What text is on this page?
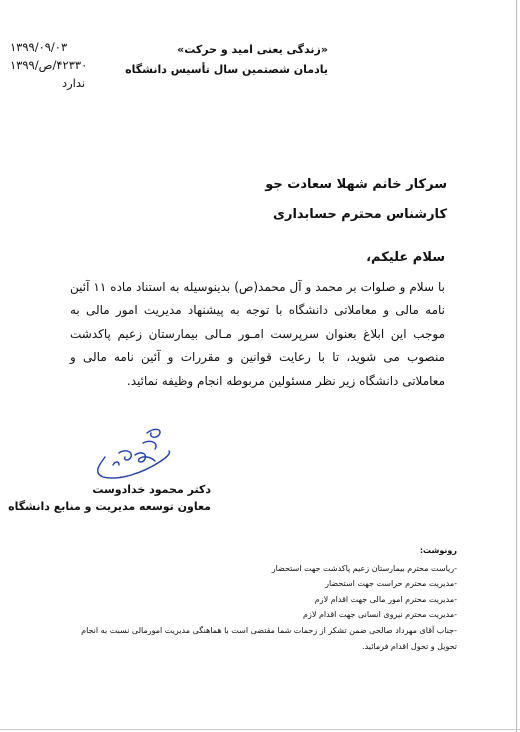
۱۳۹۹/۰۹/۰۳
۴۲۳۳۰/ص/۱۳۹۹
ندارد
«زندگی یعنی امید و حرکت»
یادمان شصتمین سال تأسیس دانشگاه
سرکار خانم شهلا سعادت جو
کارشناس محترم حسابداری
سلام علیکم،
با سلام و صلوات بر محمد و آل محمد(ص) بدینوسیله به استناد ماده ۱۱ آئین نامه مالی و معاملاتی دانشگاه با توجه به پیشنهاد مدیریت امور مالی به موجب این ابلاغ بعنوان سرپرست امـور مـالی بیمارستان زعیم پاکدشت منصوب می شوید، تا با رعایت قوانین و مقررات و آئین نامه مالی و معاملاتی دانشگاه زیر نظر مسئولین مربوطه انجام وظیفه نمائید.
دکتر محمود خدادوست
معاون توسعه مدیریت و منابع دانشگاه
رونوشت:
-ریاست محترم بیمارستان زعیم پاکدشت جهت استحضار
-مدیریت محترم حراست جهت استحضار
-مدیریت محترم امور مالی جهت اقدام لازم
-مدیریت محترم نیروی انسانی جهت اقدام لازم
-جناب آقای مهرداد صالحی ضمن تشکر از زحمات شما مقتضی است با هماهنگی مدیریت امورمالی نسبت به انجام
تحویل و تحول اقدام فرمائید.
